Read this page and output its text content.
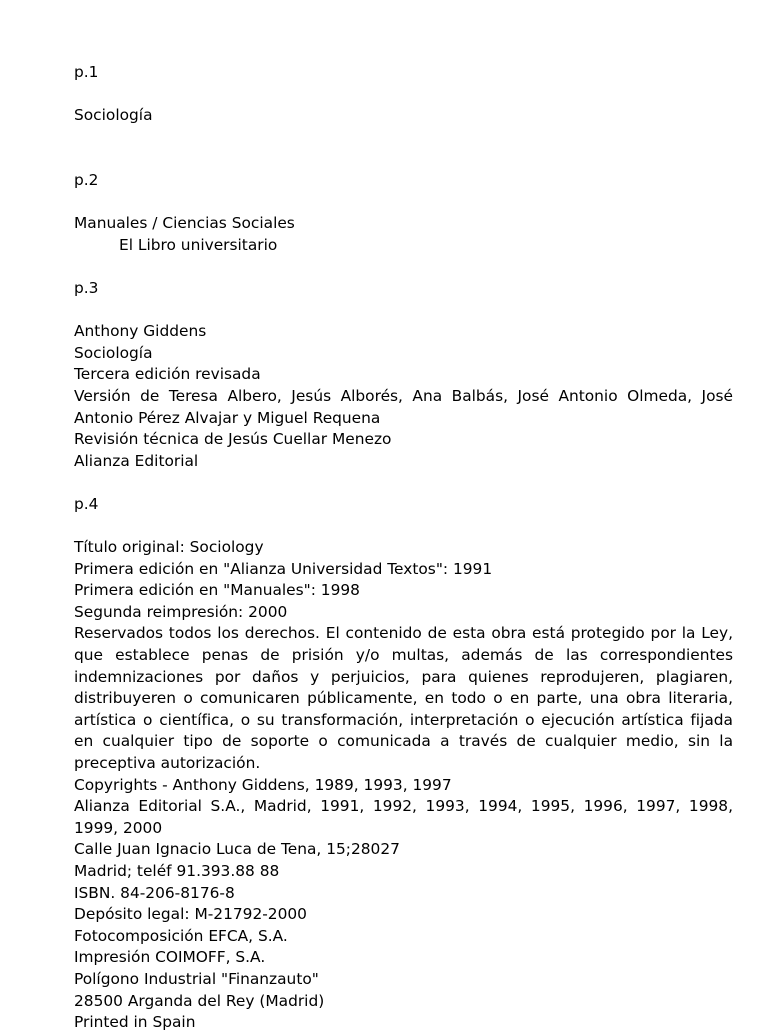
p.1

Sociología

p.2

Manuales / Ciencias Sociales
El Libro universitario

p.3

Anthony Giddens
Sociología
Tercera edición revisada
Versión de Teresa Albero, Jesús Alborés, Ana Balbás, José Antonio Olmeda, José Antonio Pérez Alvajar y Miguel Requena
Revisión técnica de Jesús Cuellar Menezo
Alianza Editorial

p.4

Título original: Sociology
Primera edición en "Alianza Universidad Textos": 1991
Primera edición en "Manuales": 1998
Segunda reimpresión: 2000
Reservados todos los derechos. El contenido de esta obra está protegido por la Ley, que establece penas de prisión y/o multas, además de las correspondientes indemnizaciones por daños y perjuicios, para quienes reprodujeren, plagiaren, distribuyeren o comunicaren públicamente, en todo o en parte, una obra literaria, artística o científica, o su transformación, interpretación o ejecución artística fijada en cualquier tipo de soporte o comunicada a través de cualquier medio, sin la preceptiva autorización.
Copyrights - Anthony Giddens, 1989, 1993, 1997
Alianza Editorial S.A., Madrid, 1991, 1992, 1993, 1994, 1995, 1996, 1997, 1998, 1999, 2000
Calle Juan Ignacio Luca de Tena, 15;28027
Madrid; teléf 91.393.88 88
ISBN. 84-206-8176-8
Depósito legal: M-21792-2000
Fotocomposición EFCA, S.A.
Impresión COIMOFF, S.A.
Polígono Industrial "Finanzauto"
28500 Arganda del Rey (Madrid)
Printed in Spain
